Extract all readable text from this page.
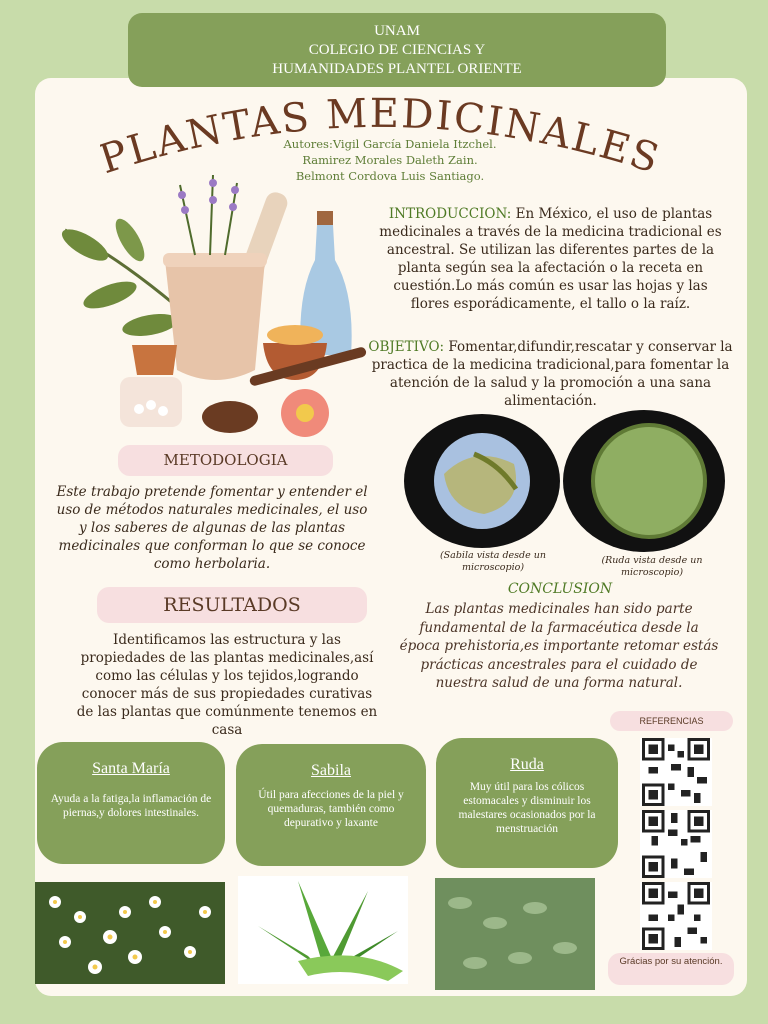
UNAM
COLEGIO DE CIENCIAS Y
HUMANIDADES PLANTEL ORIENTE
LANTAS MEDICINALE
Autores:Vigil García Daniela Itzchel.
Ramirez Morales Daleth Zain.
Belmont Cordova Luis Santiago.
INTRODUCCION: En México, el uso de plantas medicinales a través de la medicina tradicional es ancestral. Se utilizan las diferentes partes de la planta según sea la afectación o la receta en cuestión.Lo más común es usar las hojas y las flores esporádicamente, el tallo o la raíz.
OBJETIVO: Fomentar,difundir,rescatar y conservar la practica de la medicina tradicional,para fomentar la atención de la salud y la promoción a una sana alimentación.
METODOLOGIA
Este trabajo pretende fomentar y entender el uso de métodos naturales medicinales, el uso y los saberes de algunas de las plantas medicinales que conforman lo que se conoce como herbolaria.
(Sabila vista desde un microscopio)
(Ruda vista desde un microscopio)
CONCLUSION
Las plantas medicinales han sido parte fundamental de la farmacéutica desde la época prehistoria,es importante retomar estás prácticas ancestrales para el cuidado de nuestra salud de una forma natural.
RESULTADOS
Identificamos las estructura y las propiedades de las plantas medicinales,así como las células y los tejidos,logrando conocer más de sus propiedades curativas de las plantas que comúnmente tenemos en casa
Santa María
Ayuda a la fatiga,la inflamación de piernas,y dolores intestinales.
Sabila
Útil para afecciones de la piel y quemaduras, también como depurativo y laxante
Ruda
Muy útil para los cólicos estomacales y disminuir los malestares ocasionados por la menstruación
REFERENCIAS
Grácias por su atención.
